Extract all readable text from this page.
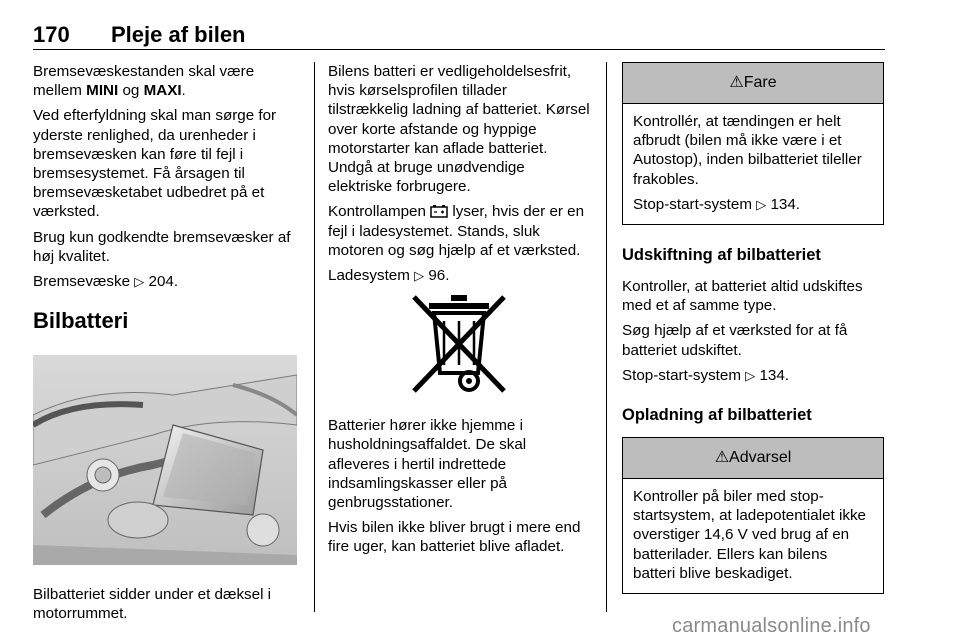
170 Pleje af bilen

Bremsevæskestanden skal være mellem MINI og MAXI.

Ved efterfyldning skal man sørge for yderste renlighed, da urenheder i bremsevæsken kan føre til fejl i bremsesystemet. Få årsagen til bremsevæsketabet udbedret på et værksted.

Brug kun godkendte bremsevæsker af høj kvalitet.

Bremsevæske ▷ 204.

Bilbatteri

Bilbatteriet sidder under et dæksel i motorrummet.

Bilens batteri er vedligeholdelsesfrit, hvis kørselsprofilen tillader tilstrækkelig ladning af batteriet. Kørsel over korte afstande og hyppige motorstarter kan aflade batteriet. Undgå at bruge unødvendige elektriske forbrugere.

Kontrollampen  lyser, hvis der er en fejl i ladesystemet. Stands, sluk motoren og søg hjælp af et værksted.

Ladesystem ▷ 96.

Batterier hører ikke hjemme i husholdningsaffaldet. De skal afleveres i hertil indrettede indsamlingskasser eller på genbrugsstationer.

Hvis bilen ikke bliver brugt i mere end fire uger, kan batteriet blive afladet.

⚠Fare

Kontrollér, at tændingen er helt afbrudt (bilen må ikke være i et Autostop), inden bilbatteriet tileller frakobles.

Stop-start-system ▷ 134.

Udskiftning af bilbatteriet

Kontroller, at batteriet altid udskiftes med et af samme type.

Søg hjælp af et værksted for at få batteriet udskiftet.

Stop-start-system ▷ 134.

Opladning af bilbatteriet

⚠Advarsel

Kontroller på biler med stop-startsystem, at ladepotentialet ikke overstiger 14,6 V ved brug af en batterilader. Ellers kan bilens batteri blive beskadiget.

carmanualsonline.info
